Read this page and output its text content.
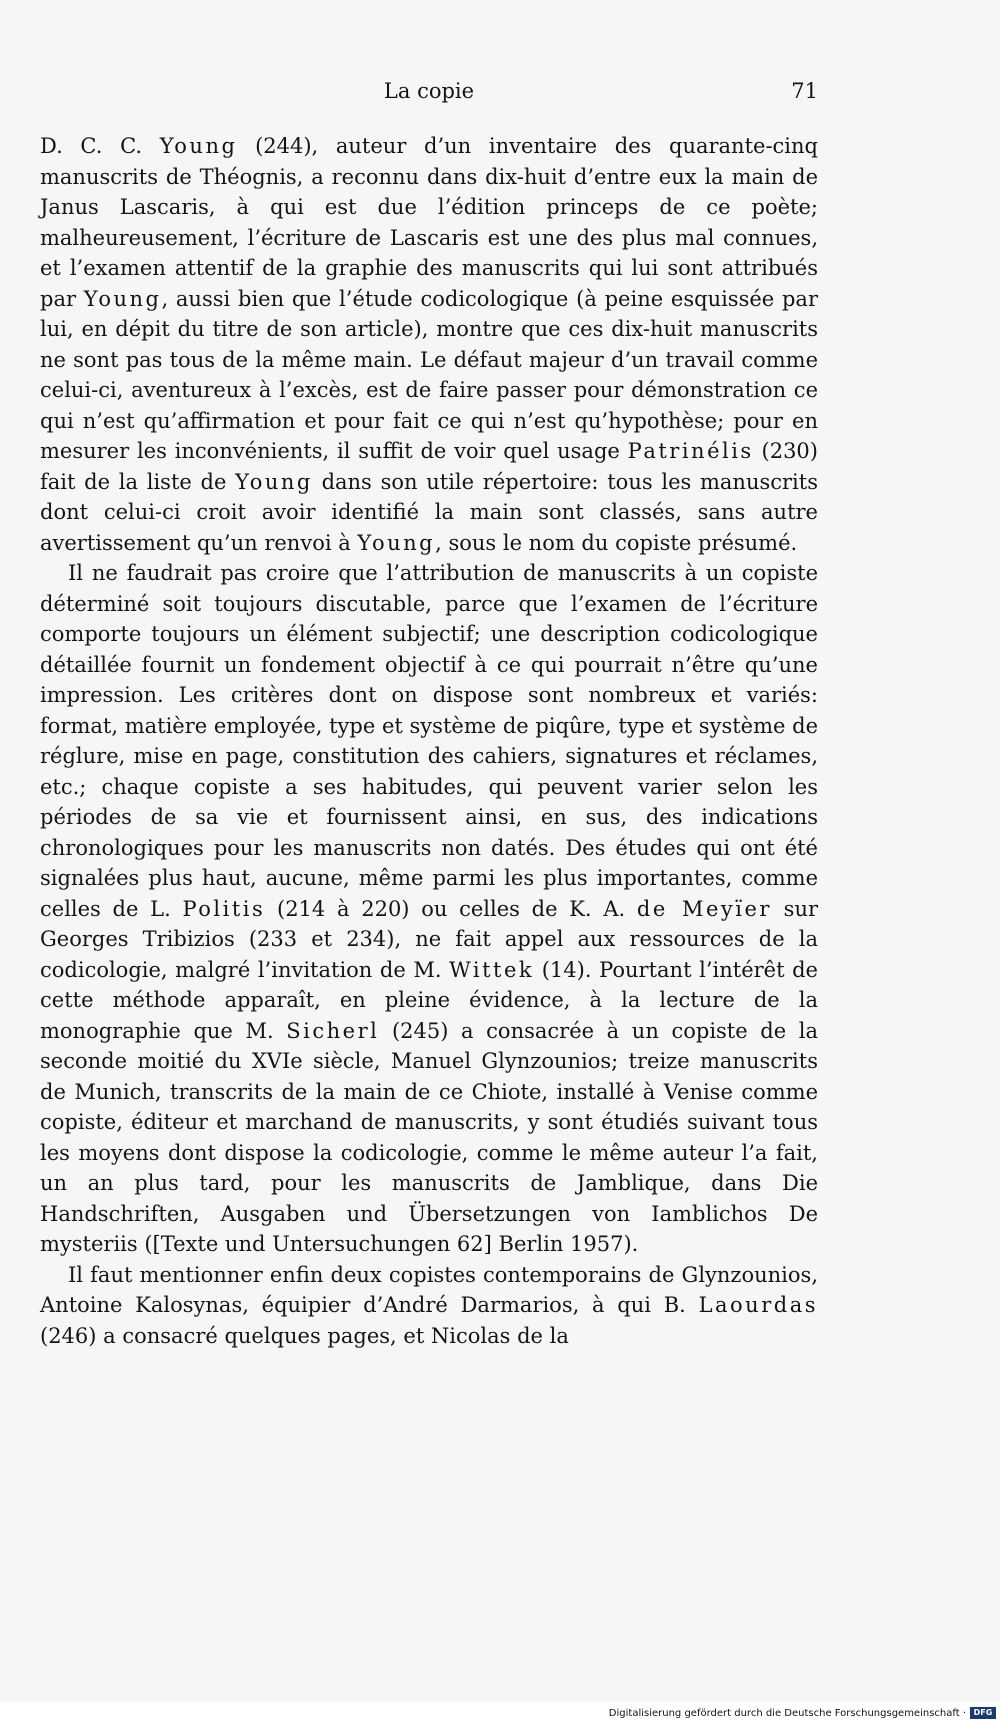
La copie	71

D. C. C. Young (244), auteur d’un inventaire des quarante-cinq manuscrits de Théognis, a reconnu dans dix-huit d’entre eux la main de Janus Lascaris, à qui est due l’édition princeps de ce poète; malheureusement, l’écriture de Lascaris est une des plus mal connues, et l’examen attentif de la graphie des manuscrits qui lui sont attribués par Young, aussi bien que l’étude codicologique (à peine esquissée par lui, en dépit du titre de son article), montre que ces dix-huit manuscrits ne sont pas tous de la même main. Le défaut majeur d’un travail comme celui-ci, aventureux à l’excès, est de faire passer pour démonstration ce qui n’est qu’affirmation et pour fait ce qui n’est qu’hypothèse; pour en mesurer les inconvénients, il suffit de voir quel usage Patrinélis (230) fait de la liste de Young dans son utile répertoire: tous les manuscrits dont celui-ci croit avoir identifié la main sont classés, sans autre avertissement qu’un renvoi à Young, sous le nom du copiste présumé.

Il ne faudrait pas croire que l’attribution de manuscrits à un copiste déterminé soit toujours discutable, parce que l’examen de l’écriture comporte toujours un élément subjectif; une description codicologique détaillée fournit un fondement objectif à ce qui pourrait n’être qu’une impression. Les critères dont on dispose sont nombreux et variés: format, matière employée, type et système de piqûre, type et système de réglure, mise en page, constitution des cahiers, signatures et réclames, etc.; chaque copiste a ses habitudes, qui peuvent varier selon les périodes de sa vie et fournissent ainsi, en sus, des indications chronologiques pour les manuscrits non datés. Des études qui ont été signalées plus haut, aucune, même parmi les plus importantes, comme celles de L. Politis (214 à 220) ou celles de K. A. de Meyïer sur Georges Tribizios (233 et 234), ne fait appel aux ressources de la codicologie, malgré l’invitation de M. Wittek (14). Pourtant l’intérêt de cette méthode apparaît, en pleine évidence, à la lecture de la monographie que M. Sicherl (245) a consacrée à un copiste de la seconde moitié du XVIe siècle, Manuel Glynzounios; treize manuscrits de Munich, transcrits de la main de ce Chiote, installé à Venise comme copiste, éditeur et marchand de manuscrits, y sont étudiés suivant tous les moyens dont dispose la codicologie, comme le même auteur l’a fait, un an plus tard, pour les manuscrits de Jamblique, dans Die Handschriften, Ausgaben und Übersetzungen von Iamblichos De mysteriis ([Texte und Untersuchungen 62] Berlin 1957).

Il faut mentionner enfin deux copistes contemporains de Glynzounios, Antoine Kalosynas, équipier d’André Darmarios, à qui B. Laourdas (246) a consacré quelques pages, et Nicolas de la

Digitalisierung gefördert durch die Deutsche Forschungsgemeinschaft · DFG
